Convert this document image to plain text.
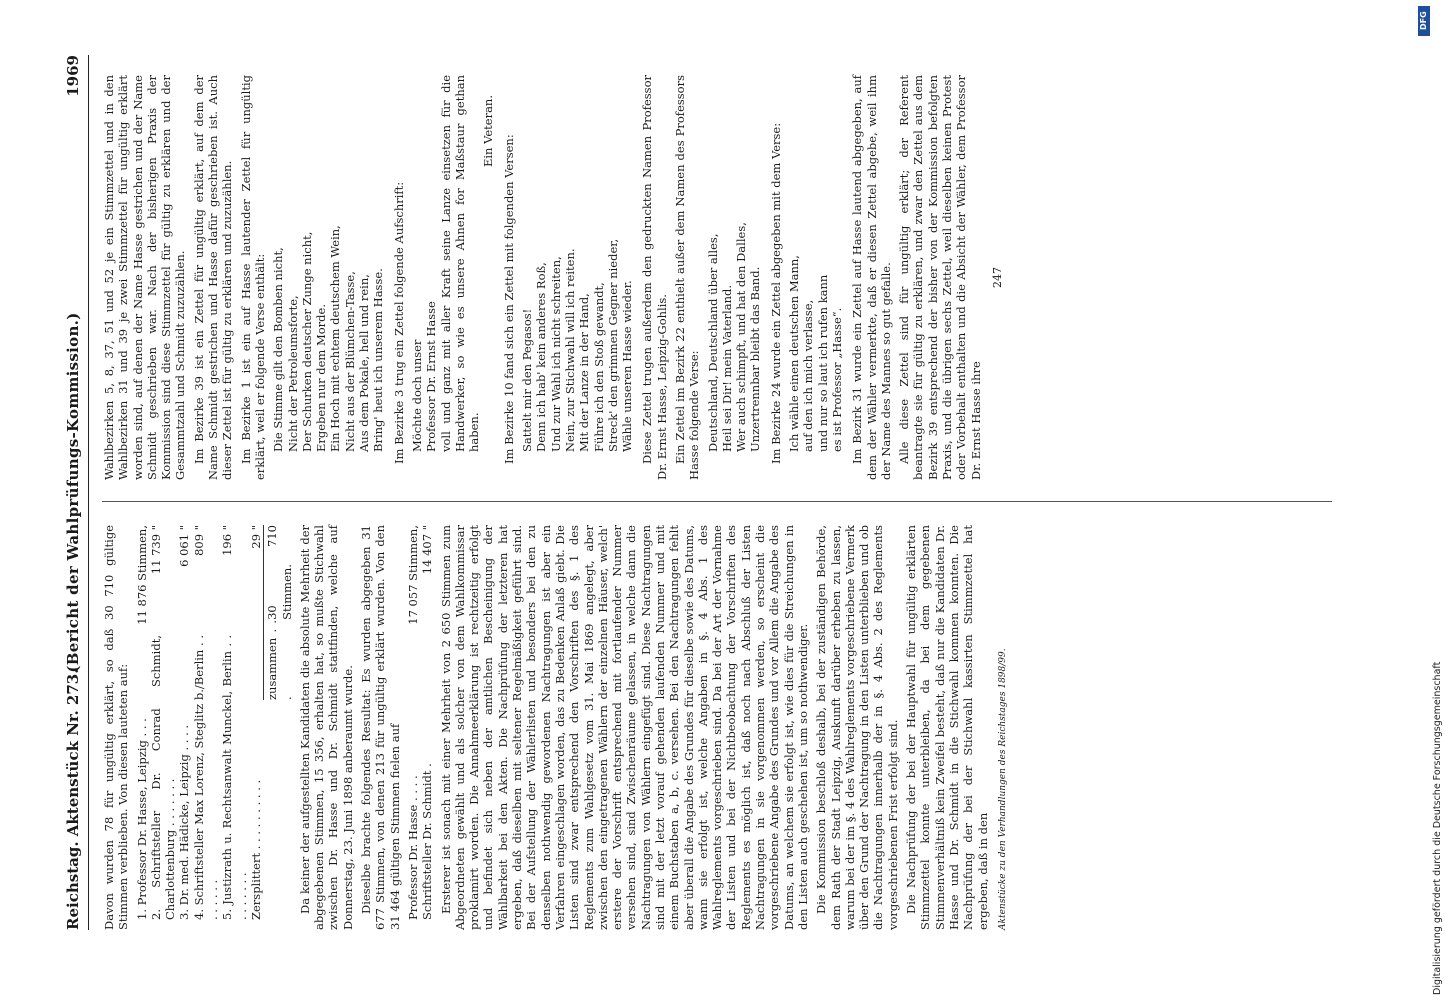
Reichstag. Aktenstück Nr. 273.
(Bericht der Wahlprüfungs-Kommission.)
1969

Davon wurden 78 für ungültig erklärt, so daß 30 710 gültige Stimmen verblieben. Von diesen lauteten auf: 1. Professor Dr. Hasse, Leipzig . . .
11 876 Stimmen,
2. Schriftsteller Dr. Conrad Schmidt, Charlottenburg . . . . . . .
11 739 "
3. Dr. med. Hädicke, Leipzig . . . .
6 061 "
4. Schriftsteller Max Lorenz, Steglitz b./Berlin . . . . . . . .
809 "
5. Justizrath u. Rechtsanwalt Munckel, Berlin . . . . . . . . .
196 "
Zersplittert . . . . . . . . . .
29 "
zusammen . . .
30 710 Stimmen. Da keiner der aufgestellten Kandidaten die absolute Mehrheit der abgegebenen Stimmen, 15 356, erhalten hat, so mußte Stichwahl zwischen Dr. Hasse und Dr. Schmidt stattfinden, welche auf Donnerstag, 23. Juni 1898 anberaumt wurde. Dieselbe brachte folgendes Resultat: Es wurden abgegeben 31 677 Stimmen, von denen 213 für ungültig erklärt wurden. Von den 31 464 gültigen Stimmen fielen auf Professor Dr. Hasse . . . .
17 057 Stimmen,
Schriftsteller Dr. Schmidt .
14 407 " Ersterer ist sonach mit einer Mehrheit von 2 650 Stimmen zum Abgeordneten gewählt und als solcher von dem Wahlkommissar proklamirt worden. Die Annahmeerklärung ist rechtzeitig erfolgt und befindet sich neben der amtlichen Bescheinigung der Wählbarkeit bei den Akten. Die Nachprüfung der letzteren hat ergeben, daß dieselben mit seltener Regelmäßigkeit geführt sind. Bei der Aufstellung der Wählerlisten und besonders bei den zu denselben nothwendig gewordenen Nachtragungen ist aber ein Verfahren eingeschlagen worden, das zu Bedenken Anlaß giebt. Die Listen sind zwar entsprechend den Vorschriften des §. 1 des Reglements zum Wahlgesetz vom 31. Mai 1869 angelegt, aber zwischen den eingetragenen Wählern der einzelnen Häuser, welch' erstere der Vorschrift entsprechend mit fortlaufender Nummer versehen sind, sind Zwischenräume gelassen, in welche dann die Nachtragungen von Wählern eingefügt sind. Diese Nachtragungen sind mit der letzt vorauf gehenden laufenden Nummer und mit einem Buchstaben a, b, c. versehen. Bei den Nachtragungen fehlt aber überall die Angabe des Grundes für dieselbe sowie des Datums, wann sie erfolgt ist, welche Angaben in §. 4 Abs. 1 des Wahlreglements vorgeschrieben sind. Da bei der Art der Vornahme der Listen und bei der Nichtbeobachtung der Vorschriften des Reglements es möglich ist, daß noch nach Abschluß der Listen Nachtragungen in sie vorgenommen werden, so erscheint die vorgeschriebene Angabe des Grundes und vor Allem die Angabe des Datums, an welchem sie erfolgt ist, wie dies für die Streichungen in den Listen auch geschehen ist, um so nothwendiger. Die Kommission beschloß deshalb, bei der zuständigen Behörde, dem Rath der Stadt Leipzig, Auskunft darüber erheben zu lassen, warum bei der im §. 4 des Wahlreglements vorgeschriebene Vermerk über den Grund der Nachtragung in den Listen unterblieben und ob die Nachtragungen innerhalb der in §. 4 Abs. 2 des Reglements vorgeschriebenen Frist erfolgt sind. Die Nachprüfung der bei der Hauptwahl für ungültig erklärten Stimmzettel konnte unterbleiben, da bei dem gegebenen Stimmenverhältniß kein Zweifel besteht, daß nur die Kandidaten Dr. Hasse und Dr. Schmidt in die Stichwahl kommen konnten. Die Nachprüfung der bei der Stichwahl kassirten Stimmzettel hat ergeben, daß in den Aktenstücke zu den Verhandlungen des Reichstages 1898/99.

Wahlbezirken 5, 8, 37, 51 und 52 je ein Stimmzettel und in den Wahlbezirken 31 und 39 je zwei Stimmzettel für ungültig erklärt worden sind, auf denen der Name Hasse gestrichen und der Name Schmidt geschrieben war. Nach der bisherigen Praxis der Kommission sind diese Stimmzettel für gültig zu erklären und der Gesammtzahl und Schmidt zuzuzählen. Im Bezirke 39 ist ein Zettel für ungültig erklärt, auf dem der Name Schmidt gestrichen und Hasse dafür geschrieben ist. Auch dieser Zettel ist für gültig zu erklären und zuzuzählen. Im Bezirke 1 ist ein auf Hasse lautender Zettel für ungültig erklärt, weil er folgende Verse enthält: Die Stimme gilt den Bomben nicht, Nicht der Petroleumsforte, Der Schurken deutscher Zunge nicht, Ergeben nur dem Morde. Ein Hoch mit echtem deutschem Wein, Nicht aus der Blümchen-Tasse, Aus dem Pokale, hell und rein, Bring' heut ich unserem Hasse. Im Bezirke 3 trug ein Zettel folgende Aufschrift: Möchte doch unser Professor Dr. Ernst Hasse voll und ganz mit aller Kraft seine Lanze einsetzen für die Handwerker, so wie es unsere Ahnen for Maßstaur gethan haben.
Ein Veteran.

Im Bezirke 10 fand sich ein Zettel mit folgenden Versen: Sattelt mir den Pegasos! Denn ich hab' kein anderes Roß, Und zur Wahl ich nicht schreiten, Nein, zur Stichwahl will ich reiten. Mit der Lanze in der Hand, Führe ich den Stoß gewandt, Streck' den grimmen Gegner nieder, Wähle unseren Hasse wieder. Diese Zettel trugen außerdem den gedruckten Namen Professor Dr. Ernst Hasse, Leipzig-Gohlis. Ein Zettel im Bezirk 22 enthielt außer dem Namen des Professors Hasse folgende Verse: Deutschland, Deutschland über alles, Heil sei Dir! mein Vaterland. Wer auch schimpft, und hat den Dalles, Unzertrennbar bleibt das Band. Im Bezirke 24 wurde ein Zettel abgegeben mit dem Verse: Ich wähle einen deutschen Mann, auf den ich mich verlasse, und nur so laut ich rufen kann es ist Professor „Hasse“. Im Bezirk 31 wurde ein Zettel auf Hasse lautend abgegeben, auf dem der Wähler vermerkte, daß er diesen Zettel abgebe, weil ihm der Name des Mannes so gut gefalle. Alle diese Zettel sind für ungültig erklärt; der Referent beantragte sie für gültig zu erklären, und zwar den Zettel aus dem Bezirk 39 entsprechend der bisher von der Kommission befolgten Praxis, und die übrigen sechs Zettel, weil dieselben keinen Protest oder Vorbehalt enthalten und die Absicht der Wähler, dem Professor Dr. Ernst Hasse ihre

247
Digitalisierung gefördert durch die Deutsche Forschungsgemeinschaft
DFG
